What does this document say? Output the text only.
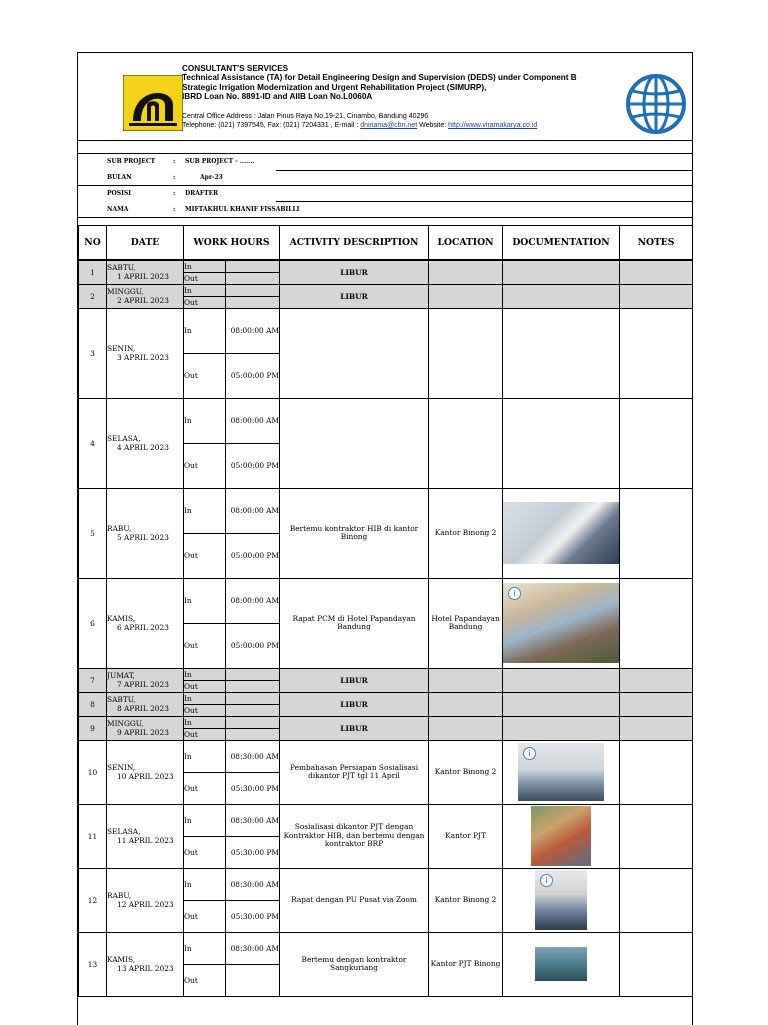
CONSULTANT'S SERVICES
Technical Assistance (TA) for Detail Engineering Design and Supervision (DEDS) under Component B
Strategic Irrigation Modernization and Urgent Rehabilitation Project (SIMURP),
IBRD Loan No. 8891-ID and AIIB Loan No.L0060A
Central Office Address : Jalan Pinus Raya No.19-21, Cinambo, Bandung 40296
Telephone: (021) 7397545, Fax: (021) 7204331 , E-mail : dniriama@cbn.net Website: http://www.viramakarya.co.id
SUB PROJECT	: SUB PROJECT - .......
BULAN	:	Apr-23
POSISI	: DRAFTER
NAMA	: MIFTAKHUL KHANIF FISSABILLI
NO	DATE	WORK HOURS		ACTIVITY DESCRIPTION	LOCATION	DOCUMENTATION	NOTES
1	SABTU,
1 APRIL 2023	In		LIBUR			
		Out					
2	MINGGU,
2 APRIL 2023	In		LIBUR			
		Out					
3	SENIN,
3 APRIL 2023	In	08:00:00 AM				
		Out	05:00:00 PM				
4	SELASA,
4 APRIL 2023	In	08:00:00 AM				
		Out	05:00:00 PM				
5	RABU,
5 APRIL 2023	In	08:00:00 AM	Bertemu kontraktor HIB di kantor Binong	Kantor Binong 2		
		Out	05:00:00 PM				
6	KAMIS,
6 APRIL 2023	In	08:00:00 AM	Rapat PCM di Hotel Papandayan Bandung	Hotel Papandayan Bandung	i	

		Out	05:00:00 PM				
7	JUMAT,
7 APRIL 2023	In		LIBUR			
		Out					
8	SABTU,
8 APRIL 2023	In		LIBUR			
		Out					
9	MINGGU,
9 APRIL 2023	In		LIBUR			
		Out					
10	SENIN,
10 APRIL 2023	In	08:30:00 AM	Pembahasan Persiapan Sosialisasi dikantor PJT tgl 11 April	Kantor Binong 2	i	

		Out	05:30:00 PM				
11	SELASA,
11 APRIL 2023	In	08:30:00 AM	Sosialisasi dikantor PJT dengan Kontraktor HIB, dan bertemu dengan kontraktor BRP	Kantor PJT		
		Out	05:30:00 PM				
12	RABU,
12 APRIL 2023	In	08:30:00 AM	Rapat dengan PU Pusat via Zoom	Kantor Binong 2	i	

		Out	05:30:00 PM				
13	KAMIS,
13 APRIL 2023	In	08:30:00 AM	Bertemu dengan kontraktor Sangkuriang	Kantor PJT Binong		
		Out					
